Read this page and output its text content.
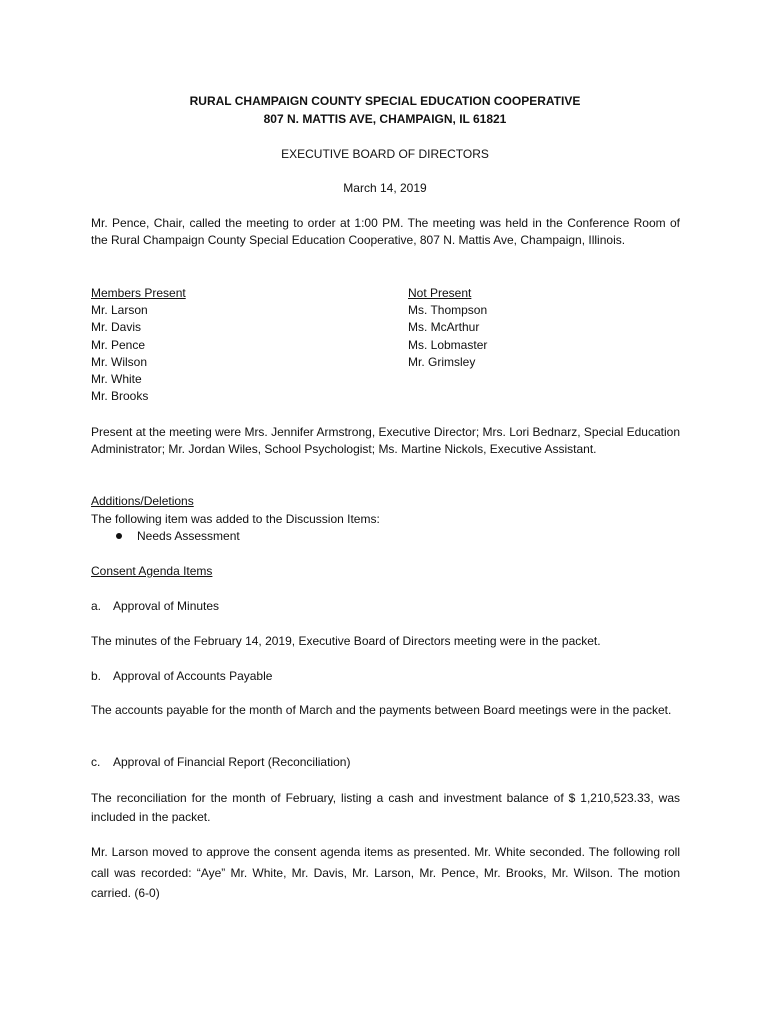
RURAL CHAMPAIGN COUNTY SPECIAL EDUCATION COOPERATIVE
807 N. MATTIS AVE, CHAMPAIGN, IL 61821
EXECUTIVE BOARD OF DIRECTORS
March 14, 2019
Mr. Pence, Chair, called the meeting to order at 1:00 PM. The meeting was held in the Conference Room of the Rural Champaign County Special Education Cooperative, 807 N. Mattis Ave, Champaign, Illinois.
Members Present
Mr. Larson
Mr. Davis
Mr. Pence
Mr. Wilson
Mr. White
Mr. Brooks
Not Present
Ms. Thompson
Ms. McArthur
Ms. Lobmaster
Mr. Grimsley
Present at the meeting were Mrs. Jennifer Armstrong, Executive Director; Mrs. Lori Bednarz, Special Education Administrator; Mr. Jordan Wiles, School Psychologist; Ms. Martine Nickols, Executive Assistant.
Additions/Deletions
The following item was added to the Discussion Items:
Needs Assessment
Consent Agenda Items
a. Approval of Minutes
The minutes of the February 14, 2019, Executive Board of Directors meeting were in the packet.
b. Approval of Accounts Payable
The accounts payable for the month of March and the payments between Board meetings were in the packet.
c. Approval of Financial Report (Reconciliation)
The reconciliation for the month of February, listing a cash and investment balance of $ 1,210,523.33, was included in the packet.
Mr. Larson moved to approve the consent agenda items as presented. Mr. White seconded. The following roll call was recorded: “Aye” Mr. White, Mr. Davis, Mr. Larson, Mr. Pence, Mr. Brooks, Mr. Wilson. The motion carried. (6-0)
